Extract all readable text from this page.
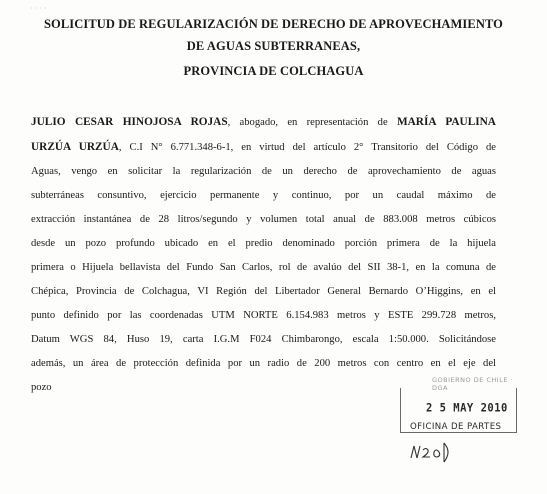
····
SOLICITUD DE REGULARIZACIÓN DE DERECHO DE APROVECHAMIENTO
DE AGUAS SUBTERRANEAS,
PROVINCIA DE COLCHAGUA
JULIO CESAR HINOJOSA ROJAS, abogado, en representación de MARÍA PAULINA
URZÚA URZÚA, C.I N° 6.771.348-6-1, en virtud del artículo 2° Transitorio del Código de
Aguas, vengo en solicitar la regularización de un derecho de aprovechamiento de aguas
subterráneas consuntivo, ejercicio permanente y continuo, por un caudal máximo de
extracción instantánea de 28 litros/segundo y volumen total anual de 883.008 metros cúbicos
desde un pozo profundo ubicado en el predio denominado porción primera de la hijuela
primera o Hijuela bellavista del Fundo San Carlos, rol de avalúo del SII 38-1, en la comuna de
Chépica, Provincia de Colchagua, VI Región del Libertador General Bernardo O’Higgins, en el
punto definido por las coordenadas UTM NORTE 6.154.983 metros y ESTE 299.728 metros,
Datum WGS 84, Huso 19, carta I.G.M F024 Chimbarongo, escala 1:50.000. Solicitándose
además, un área de protección definida por un radio de 200 metros con centro en el eje del
pozo
GOBIERNO DE CHILE · DGA
2 5 MAY 2010
OFICINA DE PARTES
